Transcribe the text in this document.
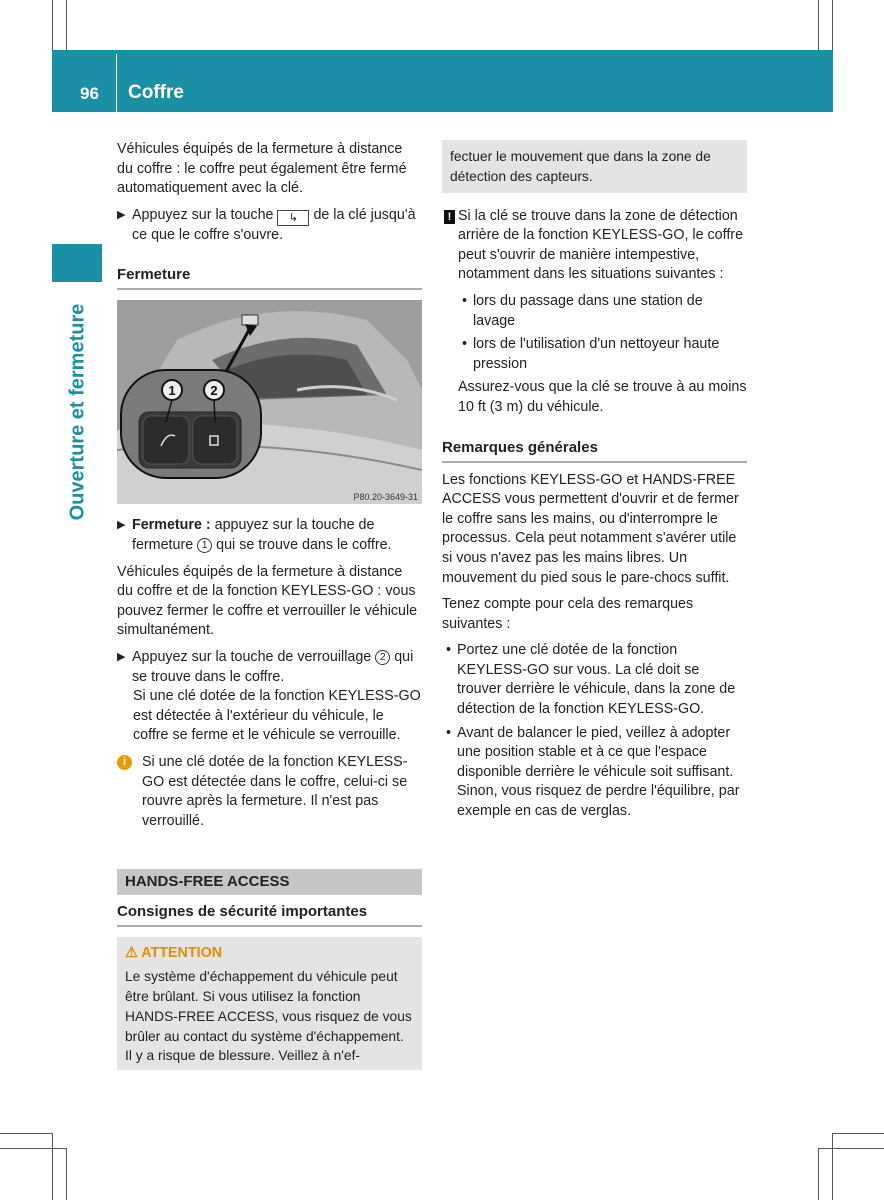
96 Coffre
Ouverture et fermeture

Véhicules équipés de la fermeture à distance du coffre : le coffre peut également être fermé automatiquement avec la clé.

▶ Appuyez sur la touche ↳ de la clé jusqu'à ce que le coffre s'ouvre.

Fermeture
1	2
P80.20-3649-31

▶ Fermeture : appuyez sur la touche de fermeture 1 qui se trouve dans le coffre.

Véhicules équipés de la fermeture à distance du coffre et de la fonction KEYLESS-GO : vous pouvez fermer le coffre et verrouiller le véhicule simultanément.

▶ Appuyez sur la touche de verrouillage 2 qui se trouve dans le coffre.

Si une clé dotée de la fonction KEYLESS-GO est détectée à l'extérieur du véhicule, le coffre se ferme et le véhicule se verrouille.

i	Si une clé dotée de la fonction KEYLESS-GO est détectée dans le coffre, celui-ci se rouvre après la fermeture. Il n'est pas verrouillé.

HANDS-FREE ACCESS
Consignes de sécurité importantes
⚠ ATTENTION

Le système d'échappement du véhicule peut être brûlant. Si vous utilisez la fonction HANDS-FREE ACCESS, vous risquez de vous brûler au contact du système d'échappement. Il y a risque de blessure. Veillez à n'ef-

fectuer le mouvement que dans la zone de détection des capteurs.

! Si la clé se trouve dans la zone de détection arrière de la fonction KEYLESS-GO, le coffre peut s'ouvrir de manière intempestive, notamment dans les situations suivantes :

• lors du passage dans une station de lavage

• lors de l'utilisation d'un nettoyeur haute pression

Assurez-vous que la clé se trouve à au moins 10 ft (3 m) du véhicule.

Remarques générales

Les fonctions KEYLESS-GO et HANDS-FREE ACCESS vous permettent d'ouvrir et de fermer le coffre sans les mains, ou d'interrompre le processus. Cela peut notamment s'avérer utile si vous n'avez pas les mains libres. Un mouvement du pied sous le pare-chocs suffit.

Tenez compte pour cela des remarques suivantes :

• Portez une clé dotée de la fonction KEYLESS-GO sur vous. La clé doit se trouver derrière le véhicule, dans la zone de détection de la fonction KEYLESS-GO.

• Avant de balancer le pied, veillez à adopter une position stable et à ce que l'espace disponible derrière le véhicule soit suffisant. Sinon, vous risquez de perdre l'équilibre, par exemple en cas de verglas.
